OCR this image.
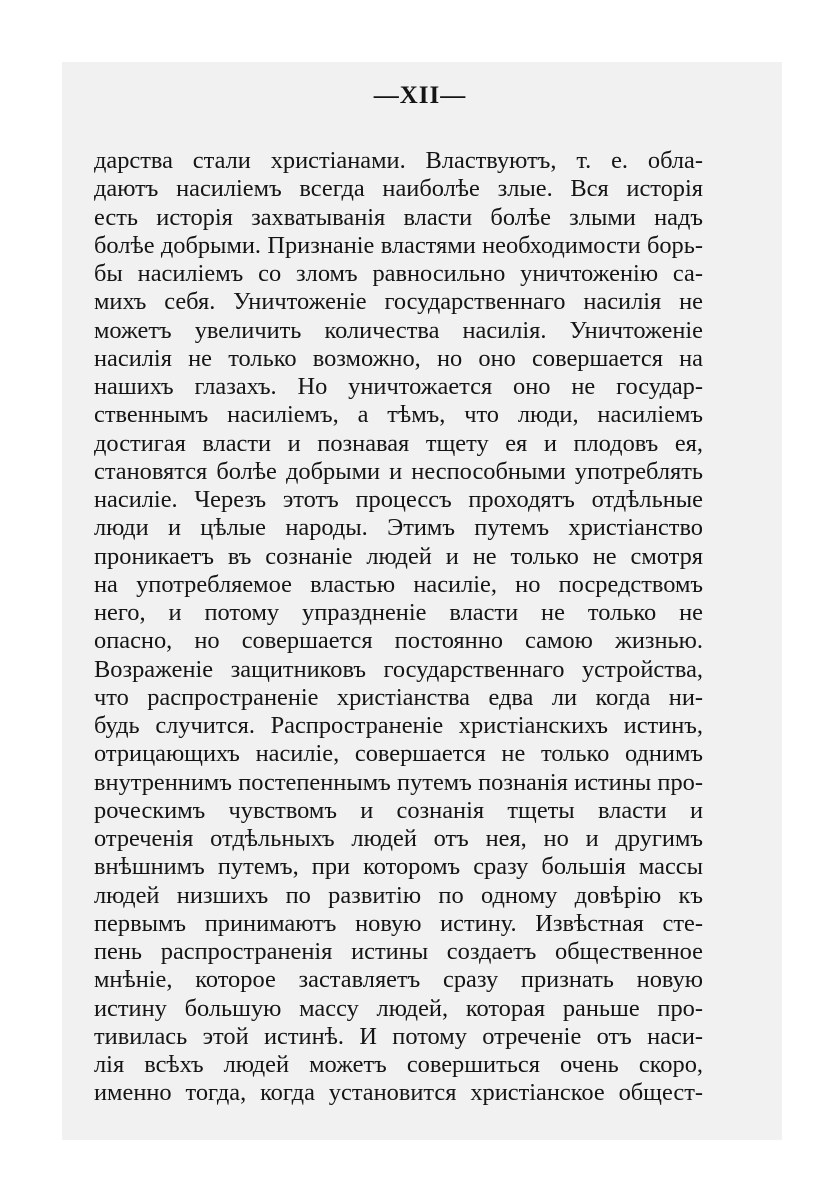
—XII—
дарства стали христіанами. Властвуютъ, т. е. обла-
даютъ насиліемъ всегда наиболѣе злые. Вся исторія
есть исторія захватыванія власти болѣе злыми надъ
болѣе добрыми. Признаніе властями необходимости борь-
бы насиліемъ со зломъ равносильно уничтоженію са-
михъ себя. Уничтоженіе государственнаго насилія не
можетъ увеличить количества насилія. Уничтоженіе
насилія не только возможно, но оно совершается на
нашихъ глазахъ. Но уничтожается оно не государ-
ственнымъ насиліемъ, а тѣмъ, что люди, насиліемъ
достигая власти и познавая тщету ея и плодовъ ея,
становятся болѣе добрыми и неспособными употреблять
насиліе. Черезъ этотъ процессъ проходятъ отдѣльные
люди и цѣлые народы. Этимъ путемъ христіанство
проникаетъ въ сознаніе людей и не только не смотря
на употребляемое властью насиліе, но посредствомъ
него, и потому упраздненіе власти не только не
опасно, но совершается постоянно самою жизнью.
Возраженіе защитниковъ государственнаго устройства,
что распространеніе христіанства едва ли когда ни-
будь случится. Распространеніе христіанскихъ истинъ,
отрицающихъ насиліе, совершается не только однимъ
внутреннимъ постепеннымъ путемъ познанія истины про-
роческимъ чувствомъ и сознанія тщеты власти и
отреченія отдѣльныхъ людей отъ нея, но и другимъ
внѣшнимъ путемъ, при которомъ сразу большія массы
людей низшихъ по развитію по одному довѣрію къ
первымъ принимаютъ новую истину. Извѣстная сте-
пень распространенія истины создаетъ общественное
мнѣніе, которое заставляетъ сразу признать новую
истину большую массу людей, которая раньше про-
тивилась этой истинѣ. И потому отреченіе отъ наси-
лія всѣхъ людей можетъ совершиться очень скоро,
именно тогда, когда установится христіанское общест-
